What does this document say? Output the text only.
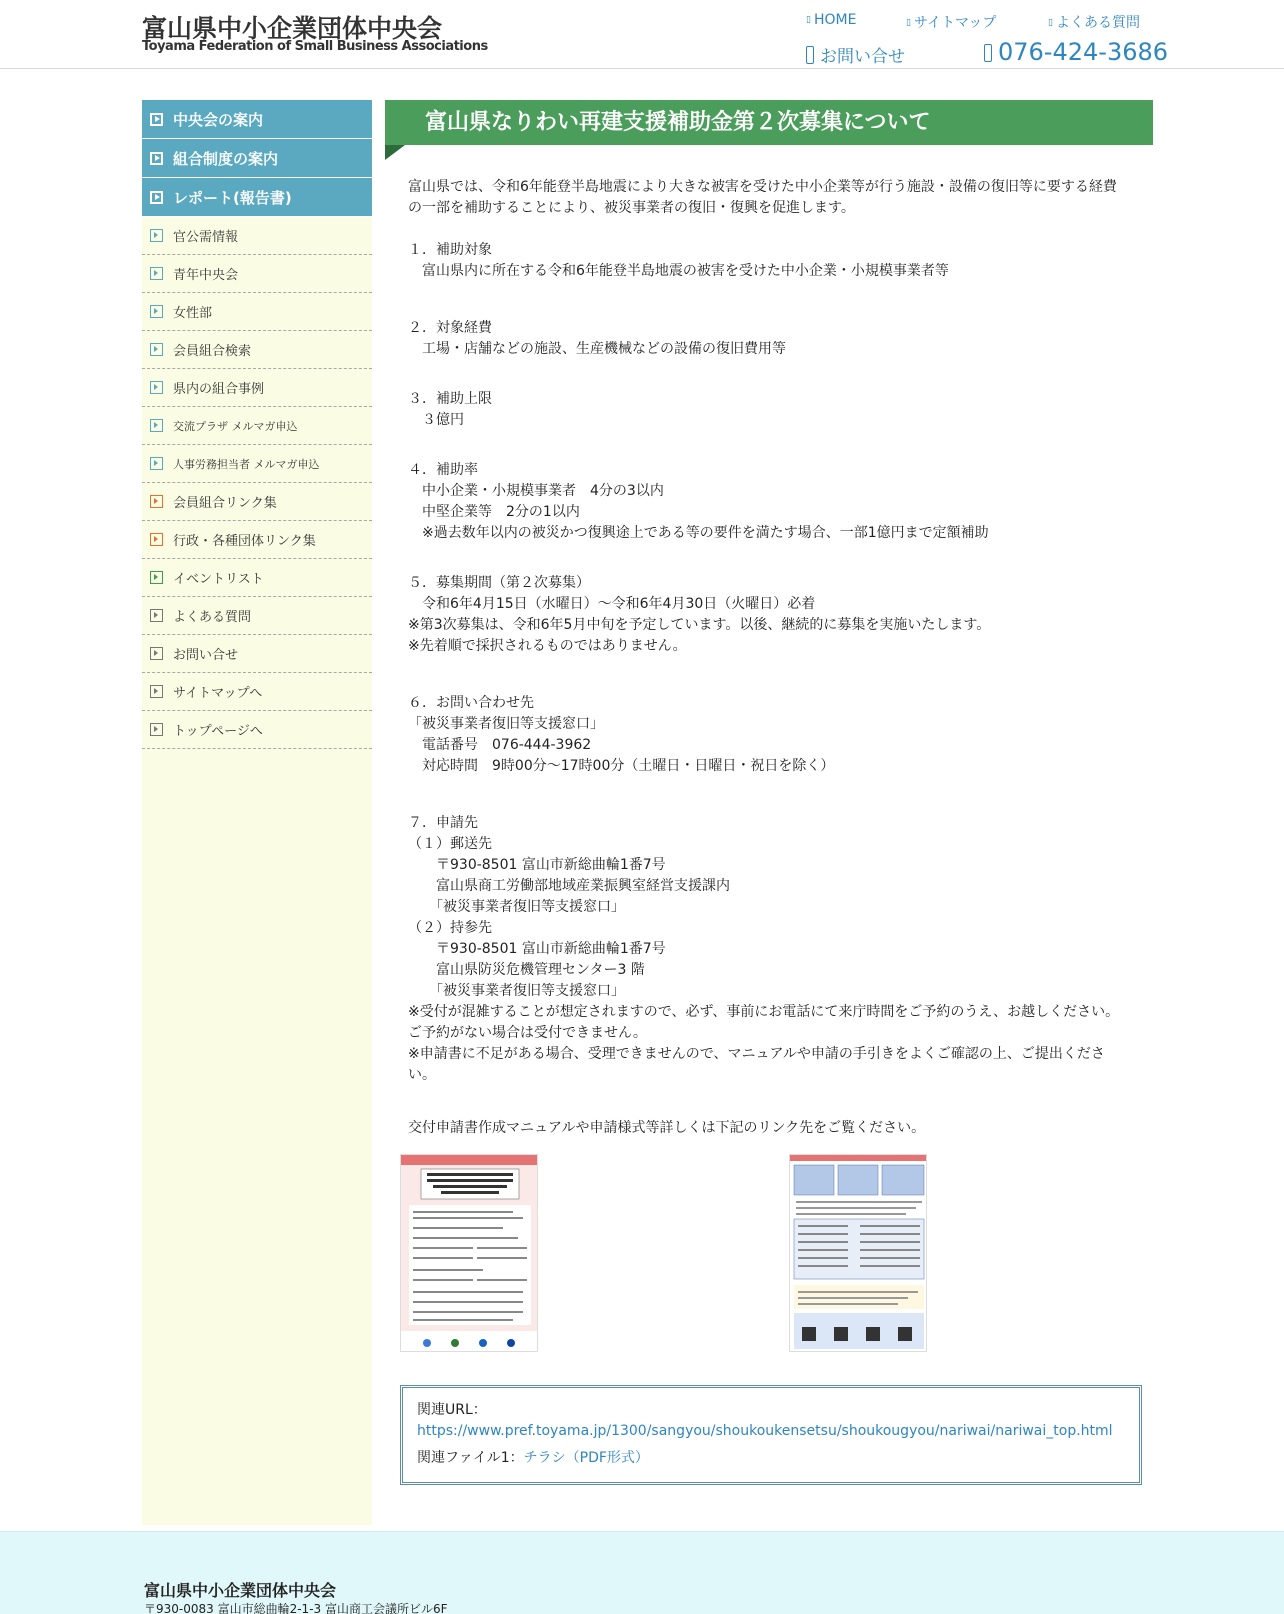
富山県中小企業団体中央会
Toyama Federation of Small Business Associations
▯ HOME	▯ サイトマップ	▯ よくある質問
お問い合せ	076-424-3686
中央会の案内
組合制度の案内
レポート(報告書)
官公需情報
青年中央会
女性部
会員組合検索
県内の組合事例
交流プラザ メルマガ申込
人事労務担当者 メルマガ申込
会員組合リンク集
行政・各種団体リンク集
イベントリスト
よくある質問
お問い合せ
サイトマップへ
トップページへ
富山県なりわい再建支援補助金第２次募集について
富山県では、令和6年能登半島地震により大きな被害を受けた中小企業等が行う施設・設備の復旧等に要する経費の一部を補助することにより、被災事業者の復旧・復興を促進します。
１．補助対象
　富山県内に所在する令和6年能登半島地震の被害を受けた中小企業・小規模事業者等
２．対象経費
　工場・店舗などの施設、生産機械などの設備の復旧費用等
３．補助上限
　３億円
４．補助率
　中小企業・小規模事業者　4分の3以内
　中堅企業等　2分の1以内
　※過去数年以内の被災かつ復興途上である等の要件を満たす場合、一部1億円まで定額補助
５．募集期間（第２次募集）
　令和6年4月15日（水曜日）～令和6年4月30日（火曜日）必着
※第3次募集は、令和6年5月中旬を予定しています。以後、継続的に募集を実施いたします。
※先着順で採択されるものではありません。
６．お問い合わせ先
「被災事業者復旧等支援窓口」
　電話番号　076-444-3962
　対応時間　9時00分～17時00分（土曜日・日曜日・祝日を除く）
７．申請先
（１）郵送先
　　〒930-8501 富山市新総曲輪1番7号
　　富山県商工労働部地域産業振興室経営支援課内
　　「被災事業者復旧等支援窓口」
（２）持参先
　　〒930-8501 富山市新総曲輪1番7号
　　富山県防災危機管理センター3 階
　　「被災事業者復旧等支援窓口」
※受付が混雑することが想定されますので、必ず、事前にお電話にて来庁時間をご予約のうえ、お越しください。ご予約がない場合は受付できません。
※申請書に不足がある場合、受理できませんので、マニュアルや申請の手引きをよくご確認の上、ご提出ください。
交付申請書作成マニュアルや申請様式等詳しくは下記のリンク先をご覧ください。
関連URL：
https://www.pref.toyama.jp/1300/sangyou/shoukoukensetsu/shoukougyou/nariwai/nariwai_top.html
関連ファイル1：チラシ（PDF形式）
富山県中小企業団体中央会
〒930-0083 富山市総曲輪2-1-3 富山商工会議所ビル6F
